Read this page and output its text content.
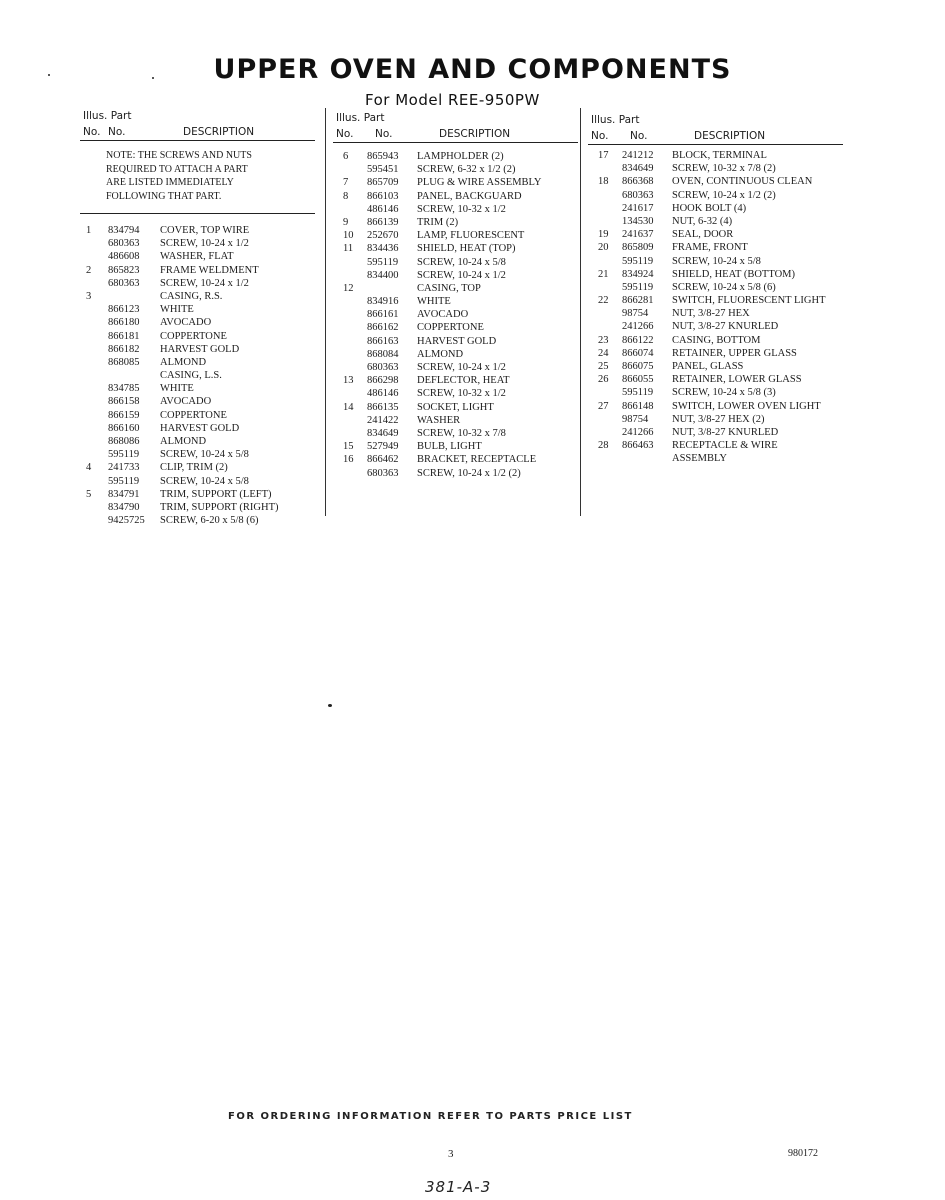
UPPER OVEN AND COMPONENTS
For Model REE-950PW
Illus. Part
No. No.	DESCRIPTION
NOTE: THE SCREWS AND NUTS
REQUIRED TO ATTACH A PART
ARE LISTED IMMEDIATELY
FOLLOWING THAT PART.
1 834794 COVER, TOP WIRE
680363 SCREW, 10-24 x 1/2
486608 WASHER, FLAT
2 865823 FRAME WELDMENT
680363 SCREW, 10-24 x 1/2
3	CASING, R.S.
866123 WHITE
866180 AVOCADO
866181 COPPERTONE
866182 HARVEST GOLD
868085 ALMOND
CASING, L.S.
834785 WHITE
866158 AVOCADO
866159 COPPERTONE
866160 HARVEST GOLD
868086 ALMOND
595119 SCREW, 10-24 x 5/8
4 241733 CLIP, TRIM (2)
595119 SCREW, 10-24 x 5/8
5 834791 TRIM, SUPPORT (LEFT)
834790 TRIM, SUPPORT (RIGHT)
9425725 SCREW, 6-20 x 5/8 (6)
Illus. Part
No. No.	DESCRIPTION
6 865943 LAMPHOLDER (2)
595451 SCREW, 6-32 x 1/2 (2)
7 865709 PLUG & WIRE ASSEMBLY
8 866103 PANEL, BACKGUARD
486146 SCREW, 10-32 x 1/2
9 866139 TRIM (2)
10 252670 LAMP, FLUORESCENT
11 834436 SHIELD, HEAT (TOP)
595119 SCREW, 10-24 x 5/8
834400 SCREW, 10-24 x 1/2
12	CASING, TOP
834916 WHITE
866161 AVOCADO
866162 COPPERTONE
866163 HARVEST GOLD
868084 ALMOND
680363 SCREW, 10-24 x 1/2
13 866298 DEFLECTOR, HEAT
486146 SCREW, 10-32 x 1/2
14 866135 SOCKET, LIGHT
241422 WASHER
834649 SCREW, 10-32 x 7/8
15 527949 BULB, LIGHT
16 866462 BRACKET, RECEPTACLE
680363 SCREW, 10-24 x 1/2 (2)
Illus. Part
No. No.	DESCRIPTION
17 241212 BLOCK, TERMINAL
834649 SCREW, 10-32 x 7/8 (2)
18 866368 OVEN, CONTINUOUS CLEAN
680363 SCREW, 10-24 x 1/2 (2)
241617 HOOK BOLT (4)
134530 NUT, 6-32 (4)
19 241637 SEAL, DOOR
20 865809 FRAME, FRONT
595119 SCREW, 10-24 x 5/8
21 834924 SHIELD, HEAT (BOTTOM)
595119 SCREW, 10-24 x 5/8 (6)
22 866281 SWITCH, FLUORESCENT LIGHT
98754 NUT, 3/8-27 HEX
241266 NUT, 3/8-27 KNURLED
23 866122 CASING, BOTTOM
24 866074 RETAINER, UPPER GLASS
25 866075 PANEL, GLASS
26 866055 RETAINER, LOWER GLASS
595119 SCREW, 10-24 x 5/8 (3)
27 866148 SWITCH, LOWER OVEN LIGHT
98754 NUT, 3/8-27 HEX (2)
241266 NUT, 3/8-27 KNURLED
28 866463 RECEPTACLE & WIRE
ASSEMBLY
FOR ORDERING INFORMATION REFER TO PARTS PRICE LIST
3	980172
381-A-3
